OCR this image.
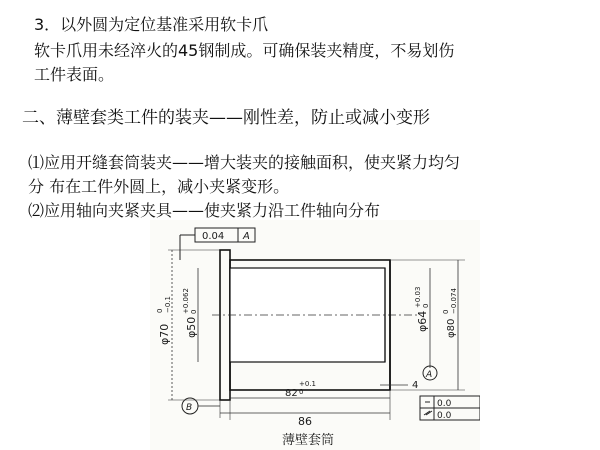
3．以外圆为定位基准采用软卡爪

软卡爪用未经淬火的45钢制成。可确保装夹精度，不易划伤

工件表面。

二、薄壁套类工件的装夹——刚性差，防止或减小变形

⑴应用开缝套筒装夹——增大装夹的接触面积，使夹紧力均匀

分 布在工件外圆上，减小夹紧变形。

⑵应用轴向夹紧夹具——使夹紧力沿工件轴向分布

0.04 A
φ70
0 −0.1
φ50
+0.062 0	φ64
+0.03 0
φ80
0 −0.074
A
4
82
+0.1
0
86
B	0.0
0.0
薄壁套筒
